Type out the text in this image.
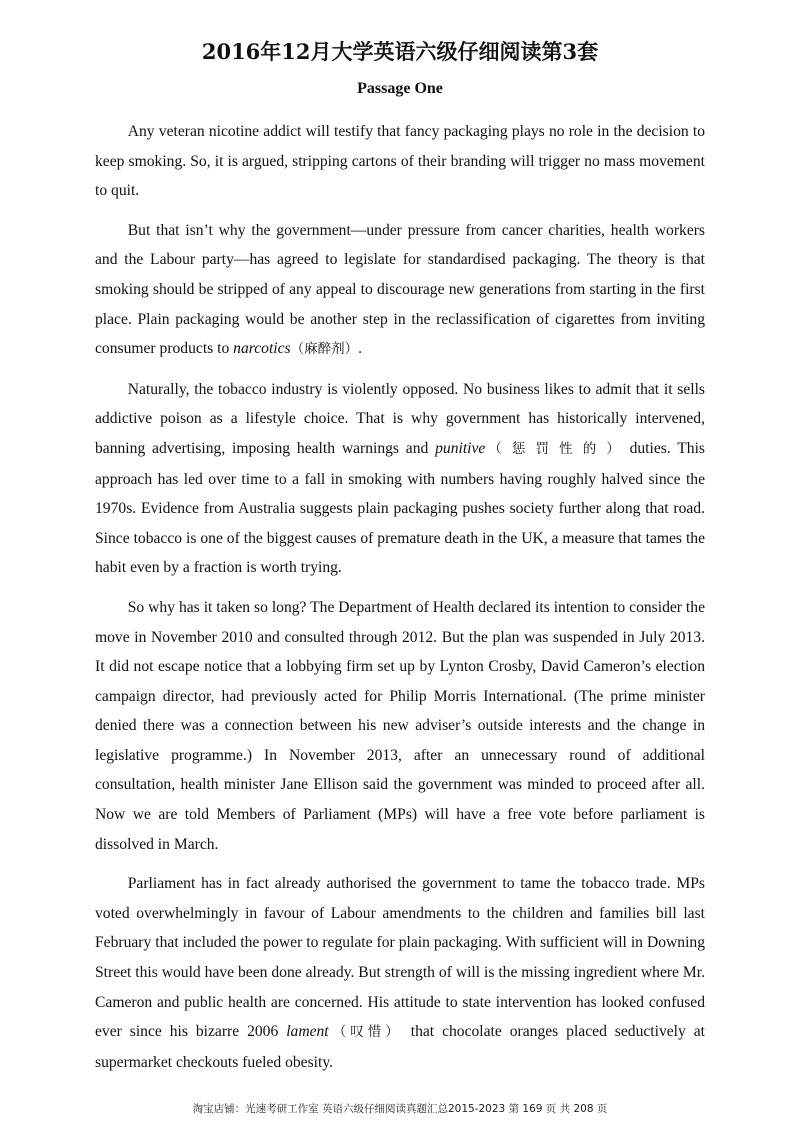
2016年12月大学英语六级仔细阅读第3套
Passage One

Any veteran nicotine addict will testify that fancy packaging plays no role in the decision to keep smoking. So, it is argued, stripping cartons of their branding will trigger no mass movement to quit.

But that isn’t why the government—under pressure from cancer charities, health workers and the Labour party—has agreed to legislate for standardised packaging. The theory is that smoking should be stripped of any appeal to discourage new generations from starting in the first place. Plain packaging would be another step in the reclassification of cigarettes from inviting consumer products to narcotics（麻醉剂）.

Naturally, the tobacco industry is violently opposed. No business likes to admit that it sells addictive poison as a lifestyle choice. That is why government has historically intervened, banning advertising, imposing health warnings and punitive（ 惩 罚 性 的 ） duties. This approach has led over time to a fall in smoking with numbers having roughly halved since the 1970s. Evidence from Australia suggests plain packaging pushes society further along that road. Since tobacco is one of the biggest causes of premature death in the UK, a measure that tames the habit even by a fraction is worth trying.

So why has it taken so long? The Department of Health declared its intention to consider the move in November 2010 and consulted through 2012. But the plan was suspended in July 2013. It did not escape notice that a lobbying firm set up by Lynton Crosby, David Cameron’s election campaign director, had previously acted for Philip Morris International. (The prime minister denied there was a connection between his new adviser’s outside interests and the change in legislative programme.) In November 2013, after an unnecessary round of additional consultation, health minister Jane Ellison said the government was minded to proceed after all. Now we are told Members of Parliament (MPs) will have a free vote before parliament is dissolved in March.

Parliament has in fact already authorised the government to tame the tobacco trade. MPs voted overwhelmingly in favour of Labour amendments to the children and families bill last February that included the power to regulate for plain packaging. With sufficient will in Downing Street this would have been done already. But strength of will is the missing ingredient where Mr. Cameron and public health are concerned. His attitude to state intervention has looked confused ever since his bizarre 2006 lament（叹惜） that chocolate oranges placed seductively at supermarket checkouts fueled obesity.

淘宝店铺：光速考研工作室 英语六级仔细阅读真题汇总2015-2023 第 169 页 共 208 页
